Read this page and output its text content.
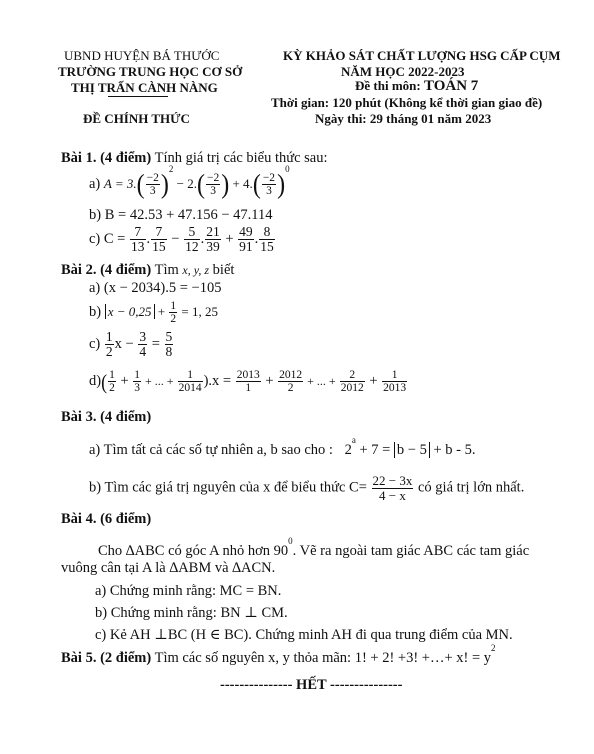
UBND HUYỆN BÁ THƯỚC
TRƯỜNG TRUNG HỌC CƠ SỞ
THỊ TRẤN CÀNH NÀNG
ĐỀ CHÍNH THỨC
KỲ KHẢO SÁT CHẤT LƯỢNG HSG CẤP CỤM
NĂM HỌC 2022-2023
Đề thi môn: TOÁN 7
Thời gian: 120 phút (Không kể thời gian giao đề)
Ngày thi: 29 tháng 01 năm 2023
Bài 1. (4 điểm) Tính giá trị các biểu thức sau:
a) $A = 3.( \frac{-2}{3} )^2 - 2.( \frac{-2}{3}$ ) + $4.( \frac{-2}{3} )^0$
b) B = 42.53 + 47.156 − 47.114
c) $C = \frac{7}{13}$ . $\frac{7}{15} - \frac{5}{12}$ . $\frac{21}{39} + \frac{49}{91}$ . $\frac{8}{15}$
Bài 2. (4 điểm) Tìm x, y, z biết
a) (x − 2034).5 = −105
b) $x - 0,25 + \frac{1}{2} = 1$, 25
$c) \frac{1}{2}$ $x - \frac{3}{4} = \frac{5}{8}$
$d)( \frac{1}{2} + \frac{1}{3}$ + ... + $\frac{1}{2014} ).x = \frac{2013}{1} + \frac{2012}{2}$ + ... + $\frac{2}{2012} + \frac{1}{2013}$
Bài 3. (4 điểm)
a) Tìm tất cả các số tự nhiên a, b sao cho : $2^a + 7 = b - 5 + b - 5$.
b) Tìm các giá trị nguyên của x để biểu thức $C= \frac{22 - 3x}{4 - x}$ có giá trị lớn nhất.
Bài 4. (6 điểm)
Cho ∆ABC có góc A nhỏ hơn $90^0$. Vẽ ra ngoài tam giác ABC các tam giác
vuông cân tại A là ∆ABM và ∆ACN.
a) Chứng minh rằng: MC = BN.
b) Chứng minh rằng: BN ⊥ CM.
c) Kẻ AH ⊥BC (H ∈ BC). Chứng minh AH đi qua trung điểm của MN.
Bài 5. (2 điểm) Tìm các số nguyên x, y thỏa mãn: 1! + 2! +3! +…+ x! = $y^2$
--------------- HẾT ---------------
